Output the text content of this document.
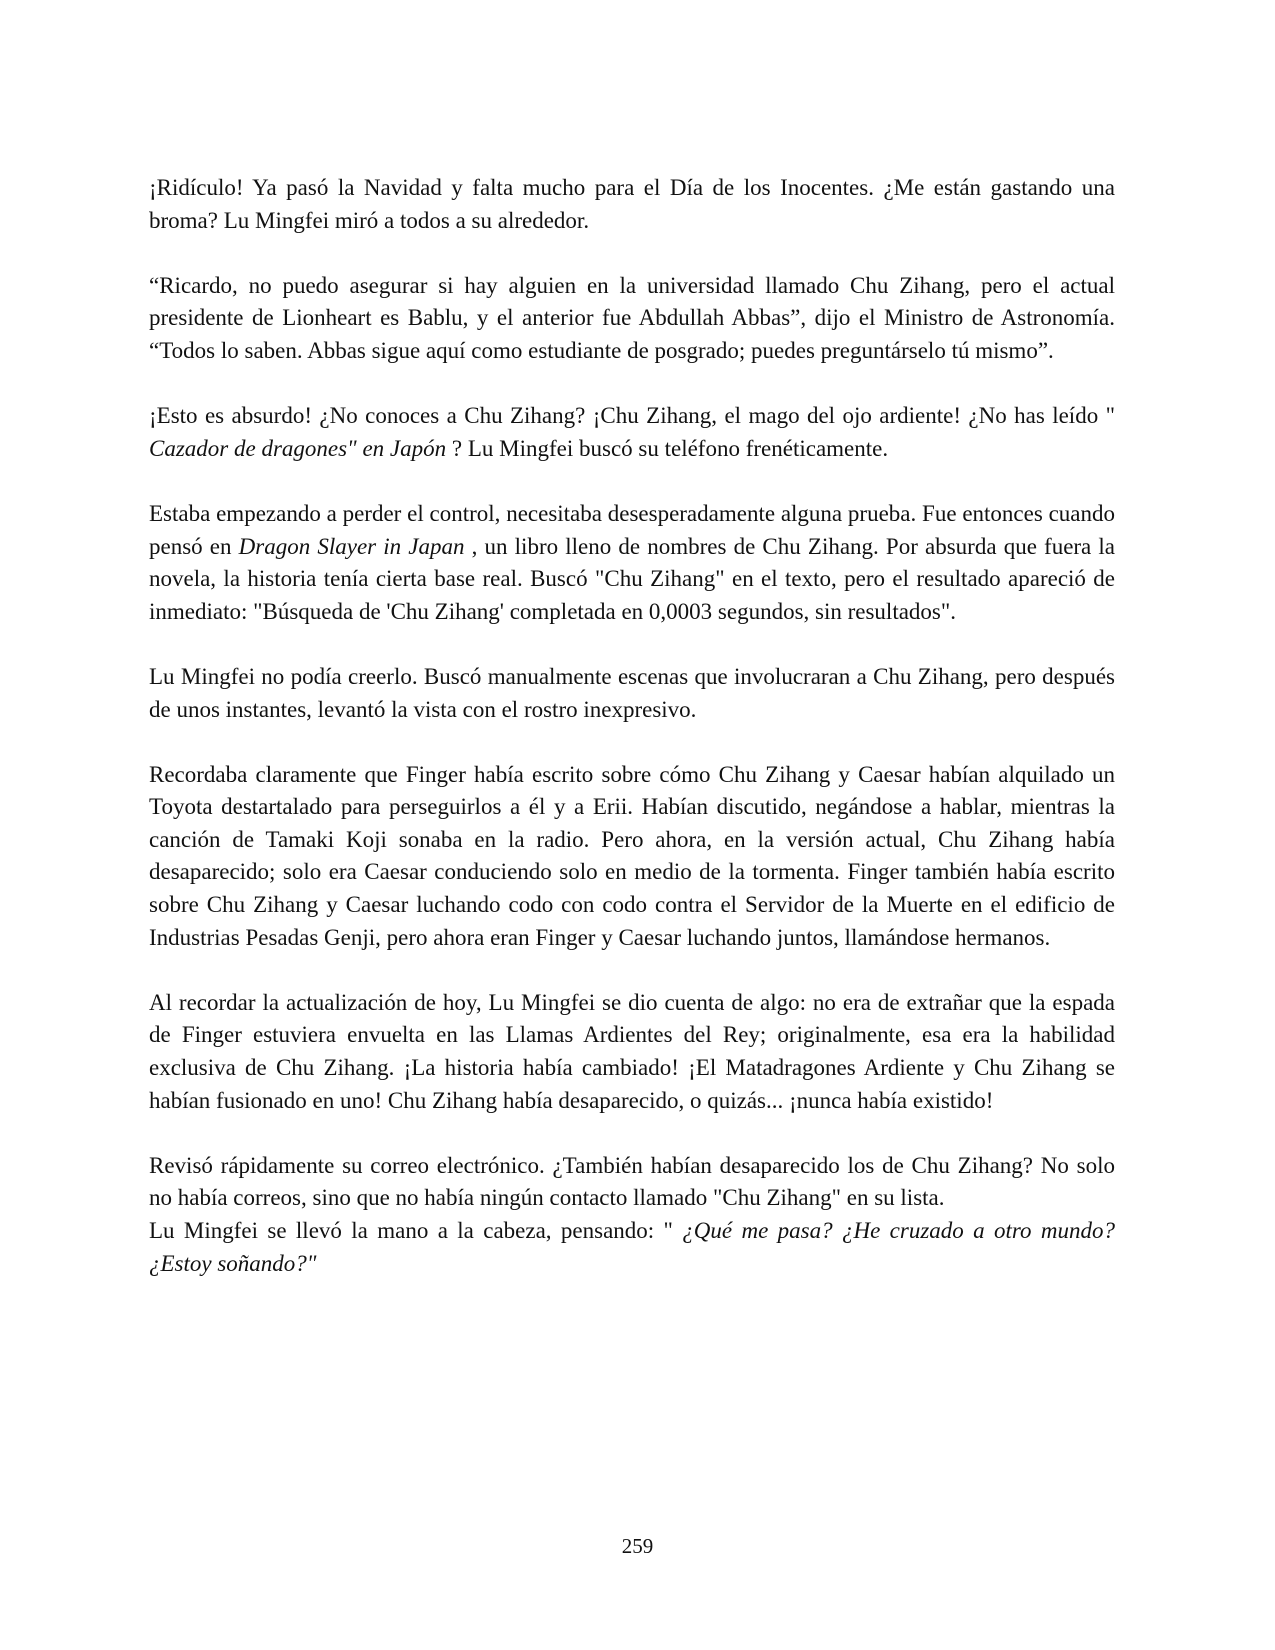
¡Ridículo! Ya pasó la Navidad y falta mucho para el Día de los Inocentes. ¿Me están gastando una broma? Lu Mingfei miró a todos a su alrededor.

“Ricardo, no puedo asegurar si hay alguien en la universidad llamado Chu Zihang, pero el actual presidente de Lionheart es Bablu, y el anterior fue Abdullah Abbas”, dijo el Ministro de Astronomía. “Todos lo saben. Abbas sigue aquí como estudiante de posgrado; puedes preguntárselo tú mismo”.

¡Esto es absurdo! ¿No conoces a Chu Zihang? ¡Chu Zihang, el mago del ojo ardiente! ¿No has leído " Cazador de dragones" en Japón ? Lu Mingfei buscó su teléfono frenéticamente.

Estaba empezando a perder el control, necesitaba desesperadamente alguna prueba. Fue entonces cuando pensó en Dragon Slayer in Japan , un libro lleno de nombres de Chu Zihang. Por absurda que fuera la novela, la historia tenía cierta base real. Buscó "Chu Zihang" en el texto, pero el resultado apareció de inmediato: "Búsqueda de 'Chu Zihang' completada en 0,0003 segundos, sin resultados".

Lu Mingfei no podía creerlo. Buscó manualmente escenas que involucraran a Chu Zihang, pero después de unos instantes, levantó la vista con el rostro inexpresivo.

Recordaba claramente que Finger había escrito sobre cómo Chu Zihang y Caesar habían alquilado un Toyota destartalado para perseguirlos a él y a Erii. Habían discutido, negándose a hablar, mientras la canción de Tamaki Koji sonaba en la radio. Pero ahora, en la versión actual, Chu Zihang había desaparecido; solo era Caesar conduciendo solo en medio de la tormenta. Finger también había escrito sobre Chu Zihang y Caesar luchando codo con codo contra el Servidor de la Muerte en el edificio de Industrias Pesadas Genji, pero ahora eran Finger y Caesar luchando juntos, llamándose hermanos.

Al recordar la actualización de hoy, Lu Mingfei se dio cuenta de algo: no era de extrañar que la espada de Finger estuviera envuelta en las Llamas Ardientes del Rey; originalmente, esa era la habilidad exclusiva de Chu Zihang. ¡La historia había cambiado! ¡El Matadragones Ardiente y Chu Zihang se habían fusionado en uno! Chu Zihang había desaparecido, o quizás... ¡nunca había existido!

Revisó rápidamente su correo electrónico. ¿También habían desaparecido los de Chu Zihang? No solo no había correos, sino que no había ningún contacto llamado "Chu Zihang" en su lista.

Lu Mingfei se llevó la mano a la cabeza, pensando: " ¿Qué me pasa? ¿He cruzado a otro mundo? ¿Estoy soñando?"

259
